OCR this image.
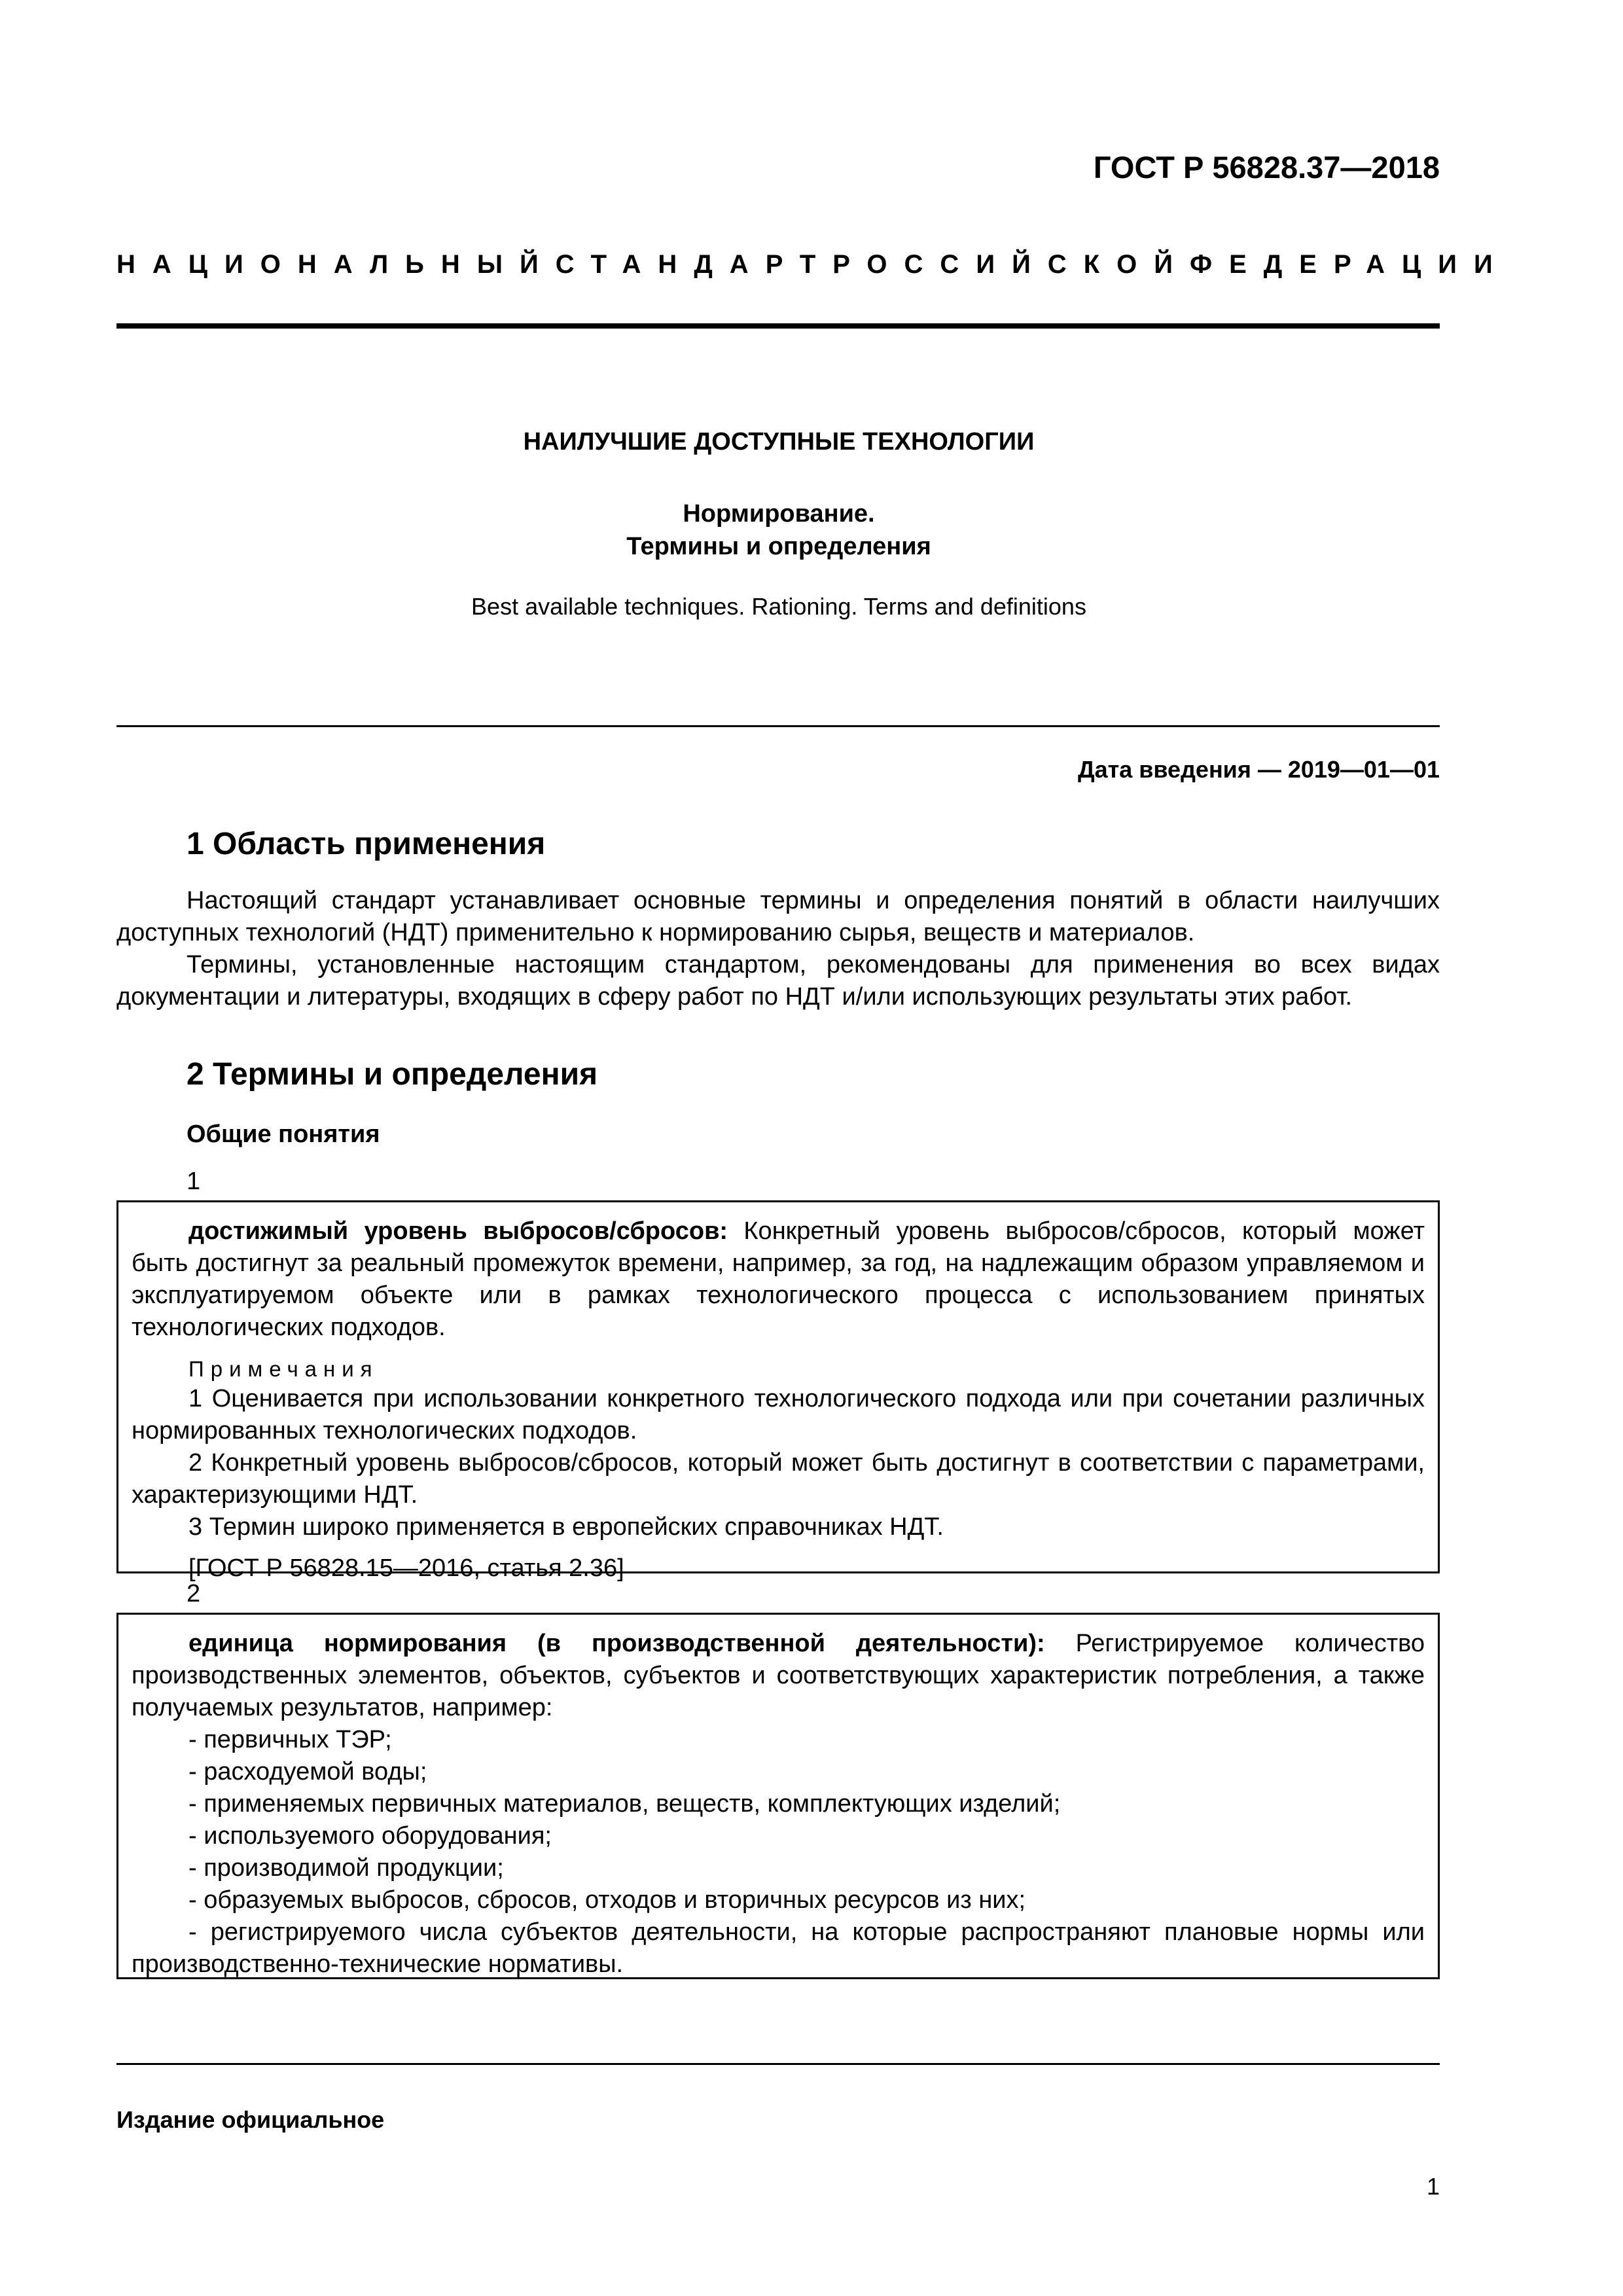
ГОСТ Р 56828.37—2018
НАЦИОНАЛЬНЫЙ СТАНДАРТ РОССИЙСКОЙ ФЕДЕРАЦИИ
НАИЛУЧШИЕ ДОСТУПНЫЕ ТЕХНОЛОГИИ
Нормирование.
Термины и определения
Best available techniques. Rationing. Terms and definitions
Дата введения — 2019—01—01
1 Область применения
Настоящий стандарт устанавливает основные термины и определения понятий в области наилучших доступных технологий (НДТ) применительно к нормированию сырья, веществ и материалов.
Термины, установленные настоящим стандартом, рекомендованы для применения во всех видах документации и литературы, входящих в сферу работ по НДТ и/или использующих результаты этих работ.
2 Термины и определения
Общие понятия
1

достижимый уровень выбросов/сбросов: Конкретный уровень выбросов/сбросов, который может быть достигнут за реальный промежуток времени, например, за год, на надлежащим образом управляемом и эксплуатируемом объекте или в рамках технологического процесса с использованием принятых технологических подходов.

Примечания

1 Оценивается при использовании конкретного технологического подхода или при сочетании различных нормированных технологических подходов.

2 Конкретный уровень выбросов/сбросов, который может быть достигнут в соответствии с параметрами, характеризующими НДТ.

3 Термин широко применяется в европейских справочниках НДТ.

[ГОСТ Р 56828.15—2016, статья 2.36]
2

единица нормирования (в производственной деятельности): Регистрируемое количество производственных элементов, объектов, субъектов и соответствующих характеристик потребления, а также получаемых результатов, например:

- первичных ТЭР;
- расходуемой воды;
- применяемых первичных материалов, веществ, комплектующих изделий;
- используемого оборудования;
- производимой продукции;
- образуемых выбросов, сбросов, отходов и вторичных ресурсов из них;
- регистрируемого числа субъектов деятельности, на которые распространяют плановые нормы или производственно-технические нормативы.
Издание официальное
1
